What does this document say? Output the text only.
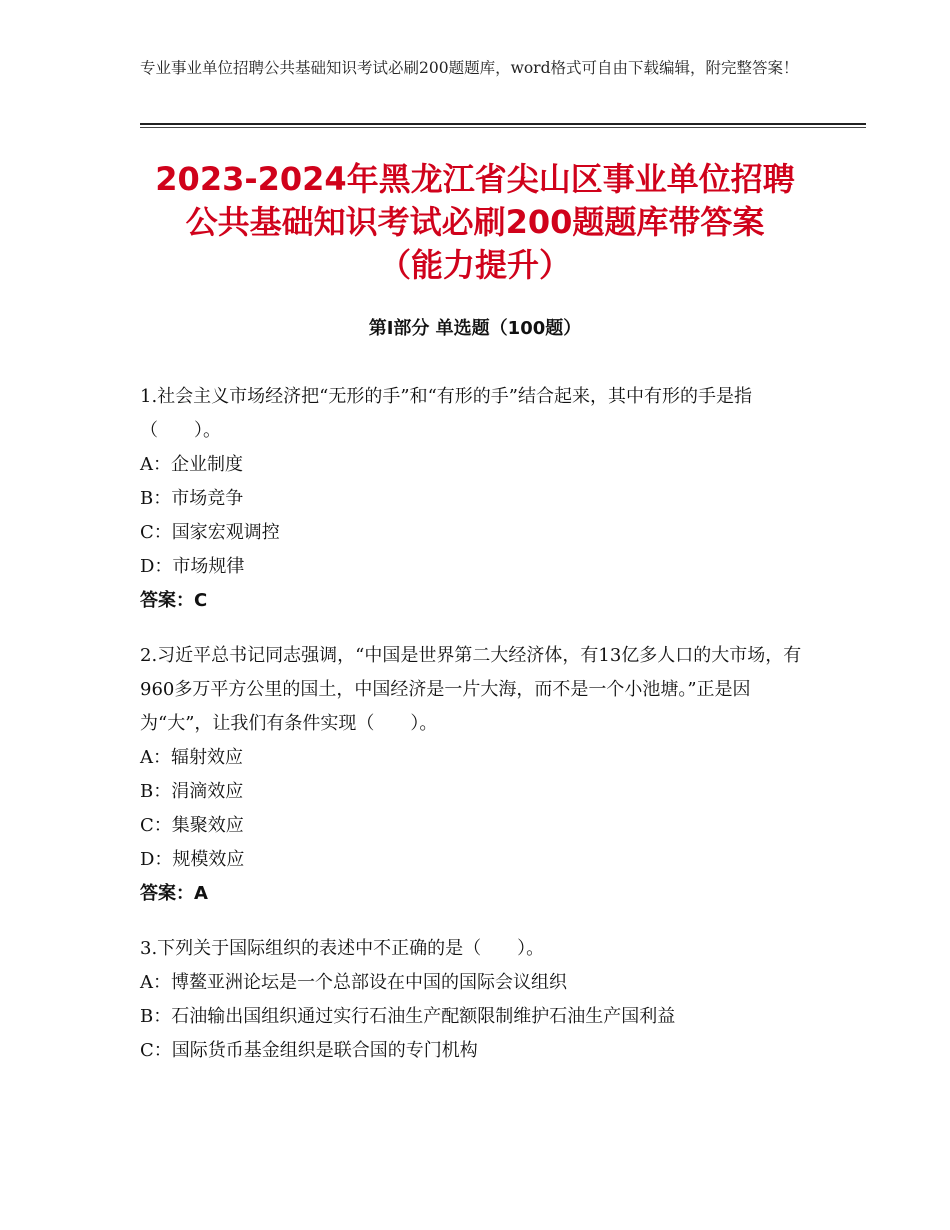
专业事业单位招聘公共基础知识考试必刷200题题库，word格式可自由下载编辑，附完整答案！
2023-2024年黑龙江省尖山区事业单位招聘
公共基础知识考试必刷200题题库带答案
（能力提升）
第Ⅰ部分 单选题（100题）
1.社会主义市场经济把“无形的手”和“有形的手”结合起来，其中有形的手是指（　　）。
A：企业制度
B：市场竞争
C：国家宏观调控
D：市场规律
答案：C
2.习近平总书记同志强调，“中国是世界第二大经济体，有13亿多人口的大市场，有960多万平方公里的国土，中国经济是一片大海，而不是一个小池塘。”正是因为“大”，让我们有条件实现（　　）。
A：辐射效应
B：涓滴效应
C：集聚效应
D：规模效应
答案：A
3.下列关于国际组织的表述中不正确的是（　　）。
A：博鳌亚洲论坛是一个总部设在中国的国际会议组织
B：石油输出国组织通过实行石油生产配额限制维护石油生产国利益
C：国际货币基金组织是联合国的专门机构
